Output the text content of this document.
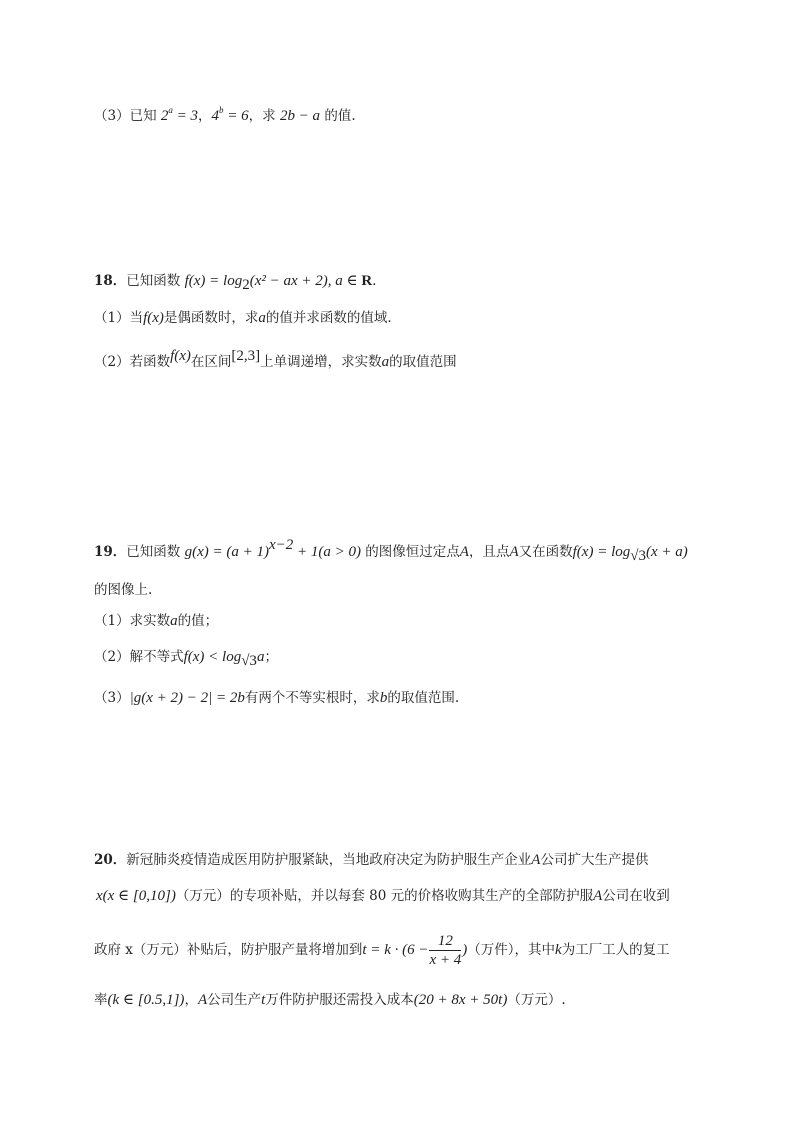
（3）已知 $2^a = 3$，$4^b = 6$，求 2b − a 的值.
18．已知函数 $f(x) = \log_2(x^2$ − ax + 2), a ∈ R．
（1）当f(x)是偶函数时，求a的值并求函数的值域．
（2）若函数f(x)在区间[2,3]上单调递增，求实数a的取值范围
19．已知函数 $g(x) = (a + 1)^{x-2} + 1(a > 0)$ 的图像恒过定点A，且点A又在函数$f(x) = \log_{√3}(x + a)$
的图像上.
（1）求实数a的值；
（2）解不等式$f(x) < \log_{√3}a$；
（3）|g(x + 2) − 2| = 2b有两个不等实根时，求b的取值范围.
20．新冠肺炎疫情造成医用防护服紧缺，当地政府决定为防护服生产企业A公司扩大生产提供
x(x ∈ [0,10])（万元）的专项补贴，并以每套 80 元的价格收购其生产的全部防护服A公司在收到
政府 x（万元）补贴后，防护服产量将增加到$t = k \cdot (6 - \frac{12}{x + 4}$ )（万件），其中k为工厂工人的复工
率(k ∈ [0.5,1])，A公司生产t万件防护服还需投入成本(20 + 8x + 50t)（万元）.
